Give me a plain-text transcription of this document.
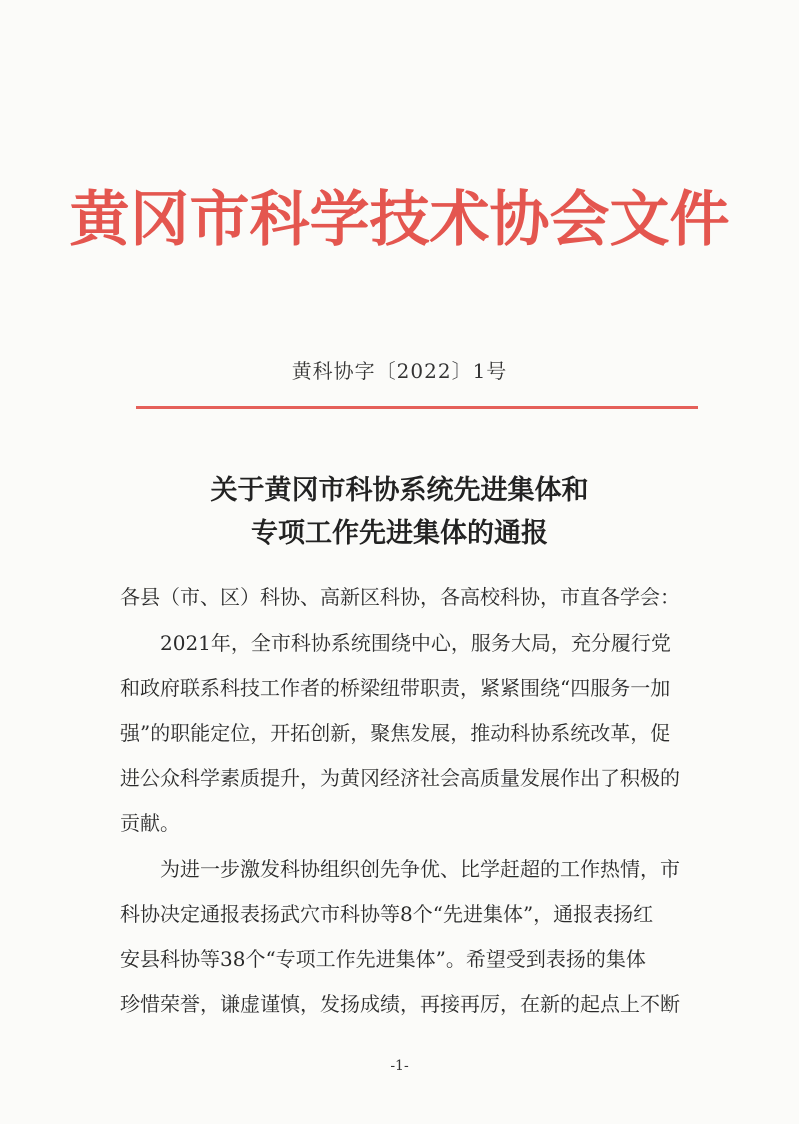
黄冈市科学技术协会文件
黄科协字〔2022〕1号
关于黄冈市科协系统先进集体和
专项工作先进集体的通报
各县（市、区）科协、高新区科协，各高校科协，市直各学会：
　　2021年，全市科协系统围绕中心，服务大局，充分履行党
和政府联系科技工作者的桥梁纽带职责，紧紧围绕“四服务一加
强”的职能定位，开拓创新，聚焦发展，推动科协系统改革，促
进公众科学素质提升，为黄冈经济社会高质量发展作出了积极的
贡献。
　　为进一步激发科协组织创先争优、比学赶超的工作热情，市
科协决定通报表扬武穴市科协等8个“先进集体”，通报表扬红
安县科协等38个“专项工作先进集体”。希望受到表扬的集体
珍惜荣誉，谦虚谨慎，发扬成绩，再接再厉，在新的起点上不断
-1-
